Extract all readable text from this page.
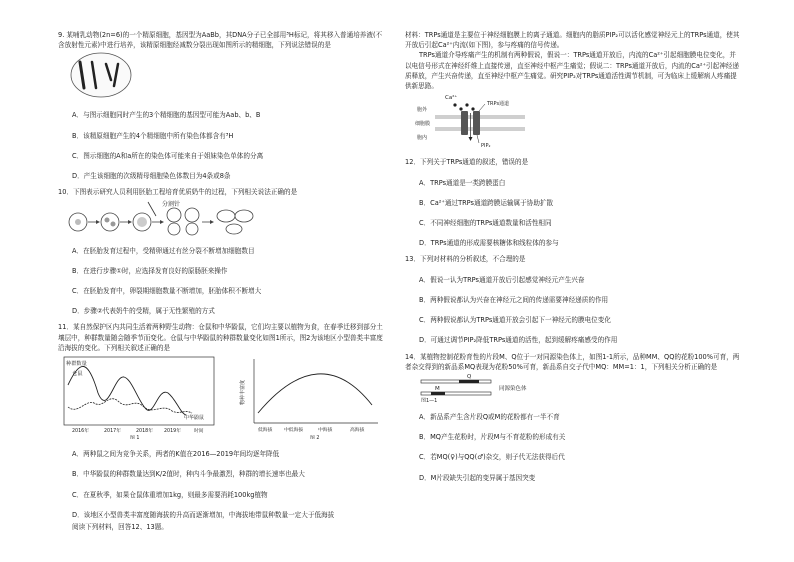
9. 某哺乳动物(2n=6)的一个精原细胞，基因型为AaBb，其DNA分子已全部用³H标记，将其移入普通培养液(不含放射性元素)中进行培养，该精原细胞经减数分裂出现如图所示的精细胞，下列说法错误的是

A．与图示细胞同时产生的3个精细胞的基因型可能为Aab、b、B
B．该精原细胞产生的4个精细胞中所有染色体都含有³H
C．图示细胞的A和a所在的染色体可能来自于姐妹染色单体的分离
D．产生该细胞的次级精母细胞染色体数目为4条或8条

10．下图表示研究人员利用胚胎工程培育优质奶牛的过程，下列相关说法正确的是

分割针
A．在胚胎发育过程中，受精卵通过有丝分裂不断增加细胞数目
B．在进行步骤①时，应选择发育良好的原肠胚来操作
C．在胚胎发育中，卵裂期细胞数量不断增加，胚胎体积不断增大
D．步骤②代表奶牛的受精，属于无性繁殖的方式

11．某自然保护区内共同生活着两种野生动物：仓鼠和中华鼢鼠，它们均主要以植物为食，在春季迁移到部分土壤层中，种群数量随会随季节而变化。仓鼠与中华鼢鼠的种群数量变化如图1所示，图2为该地区小型兽类丰富度沿海拔的变化。下列相关叙述正确的是

种群数量
仓鼠
中华鼢鼠
2016年	2017年	2018年 2019年	时间
图 1
物种丰富度
低海拔 中低海拔	中海拔	高海拔
图 2
A．两种鼠之间为竞争关系，两者的K值在2016—2019年间均逐年降低
B．中华鼢鼠的种群数量达到K/2值时，种内斗争最激烈，种群的增长速率也最大
C．在夏秋季，如果仓鼠体重增加1kg，则最多需要消耗100kg植物
D．该地区小型兽类丰富度随海拔的升高而逐渐增加，中海拔地带鼠种数量一定大于低海拔
阅读下列材料，回答12、13题。

材料：TRPs通道是主要位于神经细胞膜上的离子通道。细胞内的脂质PIP₂可以活化感觉神经元上的TRPs通道，使其开放后引起Ca²⁺内流(如下图)，参与疼痛的信号传递。

TRPs通道介导疼痛产生的机制有两种假说，假说一：TRPs通道开放后，内流的Ca²⁺引起细胞膜电位变化，并以电信号形式在神经纤维上直接传递，直至神经中枢产生痛觉；假说二：TRPs通道开放后，内流的Ca²⁺引起神经递质释放，产生兴奋传递，直至神经中枢产生痛觉。研究PIP₂对TRPs通道活性调节机制，可为临床上缓解病人疼痛提供新思路。

Ca²⁺
胞外
细胞膜
胞内
TRPs通道
PIP₂

12．下列关于TRPs通道的叙述，错误的是

A．TRPs通道是一类跨膜蛋白
B．Ca²⁺通过TRPs通道跨膜运输属于协助扩散
C．不同神经细胞的TRPs通道数量和活性相同
D．TRPs通道的形成需要核糖体和线粒体的参与

13．下列对材料的分析叙述，不合理的是

A．假说一认为TRPs通道开放后引起感觉神经元产生兴奋
B．两种假说都认为兴奋在神经元之间的传递需要神经递质的作用
C．两种假说都认为TRPs通道开放会引起下一神经元的膜电位变化
D．可通过调节PIP₂降低TRPs通道的活性，起到缓解疼痛感受的作用

14．某植物控制花粉育性的片段M、Q位于一对同源染色体上，如图1-1所示，品种MM、QQ的花粉100%可育，两者杂交得到的新品系MQ表现为花粉50%可育，新品系自交子代中MQ：MM=1：1，下列相关分析正确的是

Q
M	同源染色体
图1—1
A．新品系产生含片段Q或M的花粉都有一半不育
B．MQ产生花粉时，片段M与不育花粉的形成有关
C．若MQ(♀)与QQ(♂)杂交，则子代无法获得后代
D．M片段缺失引起的变异属于基因突变
